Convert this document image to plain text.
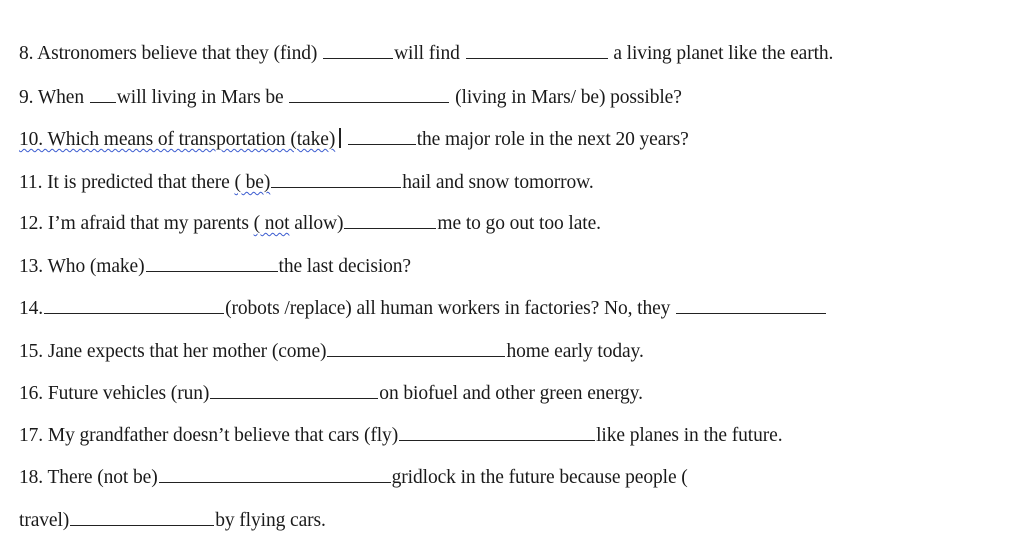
8. Astronomers believe that they (find)	will find	a living planet like the earth.
9. When will living in Mars be	(living in Mars/ be) possible?
10. Which means of transportation (take)	the major role in the next 20 years?
11. It is predicted that there ( be)	hail and snow tomorrow.
12. I’m afraid that my parents ( not allow)	me to go out too late.
13. Who (make)	the last decision?
14.	(robots /replace) all human workers in factories? No, they
15. Jane expects that her mother (come)	home early today.
16. Future vehicles (run)	on biofuel and other green energy.
17. My grandfather doesn’t believe that cars (fly)	like planes in the future.
18. There (not be)	gridlock in the future because people (
travel)	by flying cars.
